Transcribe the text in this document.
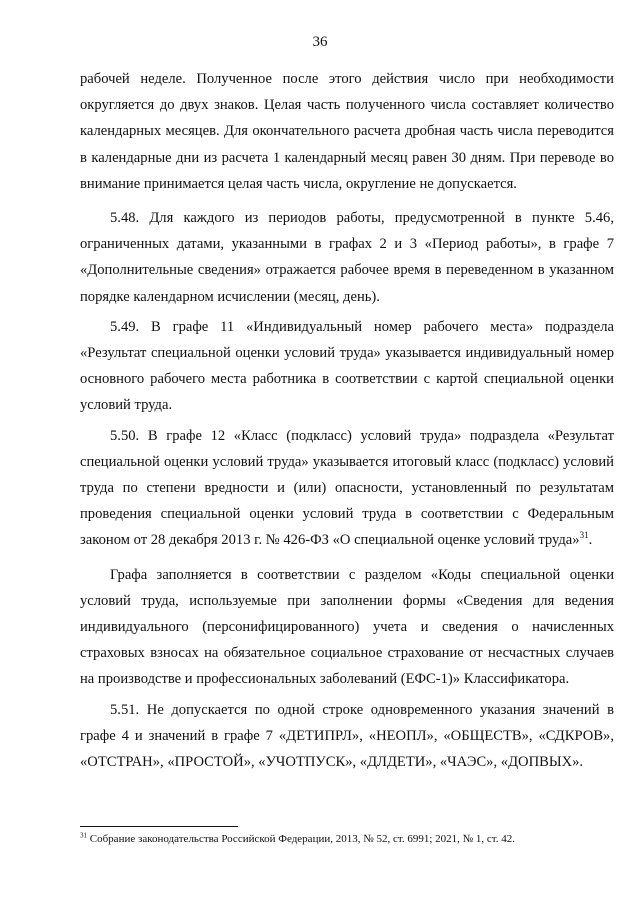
36

рабочей неделе. Полученное после этого действия число при необходимости округляется до двух знаков. Целая часть полученного числа составляет количество календарных месяцев. Для окончательного расчета дробная часть числа переводится в календарные дни из расчета 1 календарный месяц равен 30 дням. При переводе во внимание принимается целая часть числа, округление не допускается.

5.48. Для каждого из периодов работы, предусмотренной в пункте 5.46, ограниченных датами, указанными в графах 2 и 3 «Период работы», в графе 7 «Дополнительные сведения» отражается рабочее время в переведенном в указанном порядке календарном исчислении (месяц, день).

5.49. В графе 11 «Индивидуальный номер рабочего места» подраздела «Результат специальной оценки условий труда» указывается индивидуальный номер основного рабочего места работника в соответствии с картой специальной оценки условий труда.

5.50. В графе 12 «Класс (подкласс) условий труда» подраздела «Результат специальной оценки условий труда» указывается итоговый класс (подкласс) условий труда по степени вредности и (или) опасности, установленный по результатам проведения специальной оценки условий труда в соответствии с Федеральным законом от 28 декабря 2013 г. № 426-ФЗ «О специальной оценке условий труда»$^{31}$.

Графа заполняется в соответствии с разделом «Коды специальной оценки условий труда, используемые при заполнении формы «Сведения для ведения индивидуального (персонифицированного) учета и сведения о начисленных страховых взносах на обязательное социальное страхование от несчастных случаев на производстве и профессиональных заболеваний (ЕФС-1)» Классификатора.

5.51. Не допускается по одной строке одновременного указания значений в графе 4 и значений в графе 7 «ДЕТИПРЛ», «НЕОПЛ», «ОБЩЕСТВ», «СДКРОВ», «ОТСТРАН», «ПРОСТОЙ», «УЧОТПУСК», «ДЛДЕТИ», «ЧАЭС», «ДОПВЫХ».

$^{31}$ Собрание законодательства Российской Федерации, 2013, № 52, ст. 6991; 2021, № 1, ст. 42.
